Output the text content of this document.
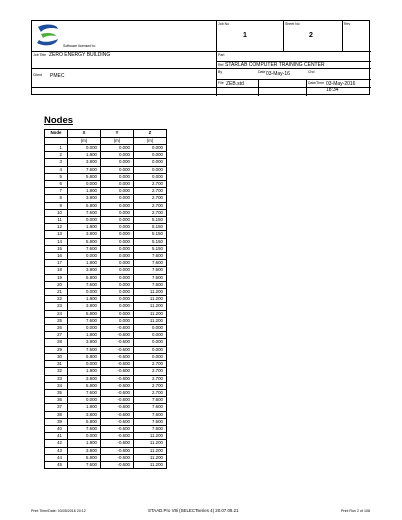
Software licensed to
Job No
1
Sheet No
2
Rev
Part
Job Title ZERO ENERGY BUILDING
Ref STARLAB COMPUTER TRAINING CENTER
By	Date 03-May-16	Chd
Client PMEC
File ZEB.std	Date/Time 03-May-2016 18:34
Nodes
Node	X	Y	Z
	(m)	(m)	(m)
1	0.000	0.000	0.000
2	1.800	0.000	0.000
3	3.800	0.000	0.000
4	7.600	0.000	0.000
5	5.800	0.000	0.000
6	0.000	0.000	2.700
7	1.800	0.000	2.700
8	3.800	0.000	2.700
9	5.800	0.000	2.700
10	7.600	0.000	2.700
11	0.000	0.000	5.150
12	1.800	0.000	5.150
13	3.800	0.000	5.150
14	5.800	0.000	5.150
15	7.600	0.000	5.150
16	0.000	0.000	7.600
17	1.800	0.000	7.600
18	3.800	0.000	7.600
19	5.800	0.000	7.600
20	7.600	0.000	7.600
21	0.000	0.000	11.200
22	1.800	0.000	11.200
23	3.800	0.000	11.200
24	5.800	0.000	11.200
25	7.600	0.000	11.200
26	0.000	-0.600	0.000
27	1.800	-0.600	0.000
28	3.800	-0.600	0.000
29	7.600	-0.600	0.000
30	5.800	-0.600	0.000
31	0.000	-0.600	2.700
32	1.800	-0.600	2.700
33	3.800	-0.600	2.700
34	5.800	-0.600	2.700
35	7.600	-0.600	2.700
36	0.000	-0.600	7.600
37	1.800	-0.600	7.600
38	3.800	-0.600	7.600
39	5.800	-0.600	7.600
40	7.600	-0.600	7.600
41	0.000	-0.600	11.200
42	1.800	-0.600	11.200
43	3.800	-0.600	11.200
44	5.800	-0.600	11.200
45	7.600	-0.600	11.200
Print Time/Date: 03/05/2016 20:12	STAAD.Pro V8i (SELECTseries 4) 20.07.09.21	Print Run 2 of 108
